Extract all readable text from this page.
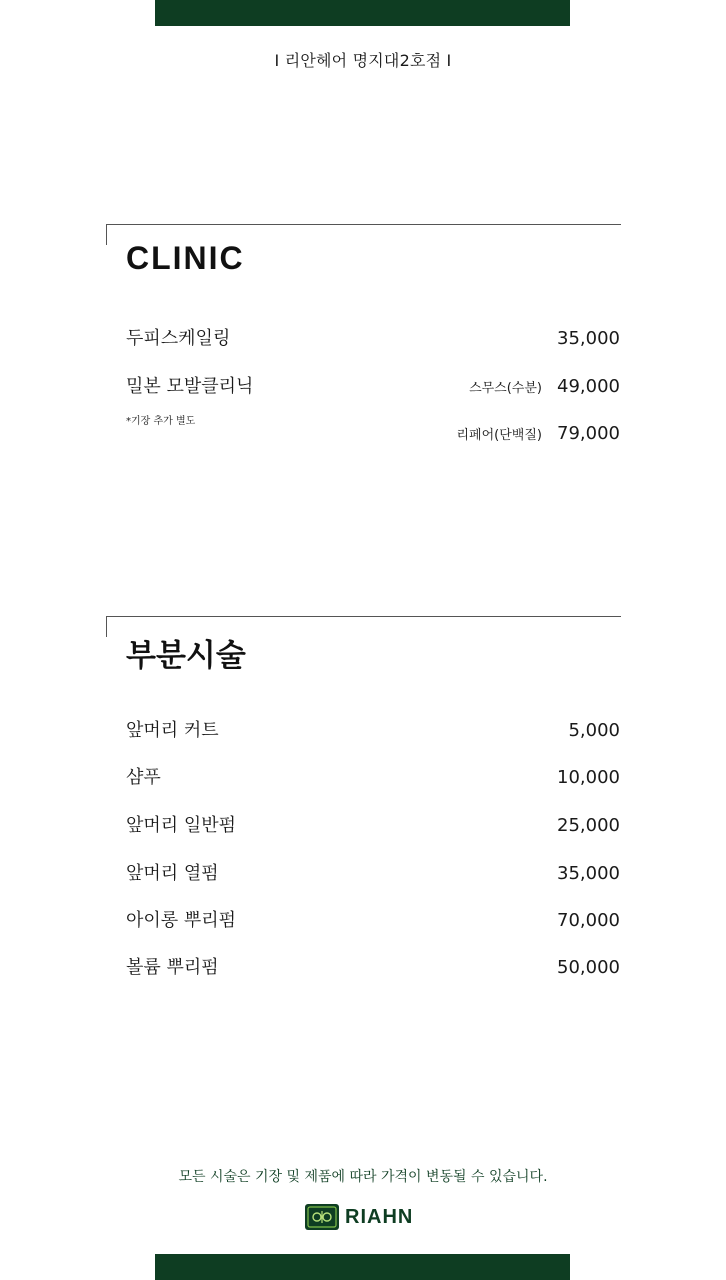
I 리안헤어 명지대2호점 I
CLINIC
두피스케일링	35,000
밀본 모발클리닉	스무스(수분) 49,000
*기장 추가 별도
리페어(단백질) 79,000
부분시술
앞머리 커트	5,000
샴푸	10,000
앞머리 일반펌	25,000
앞머리 열펌	35,000
아이롱 뿌리펌	70,000
볼륨 뿌리펌	50,000
모든 시술은 기장 및 제품에 따라 가격이 변동될 수 있습니다.
RIAHN
